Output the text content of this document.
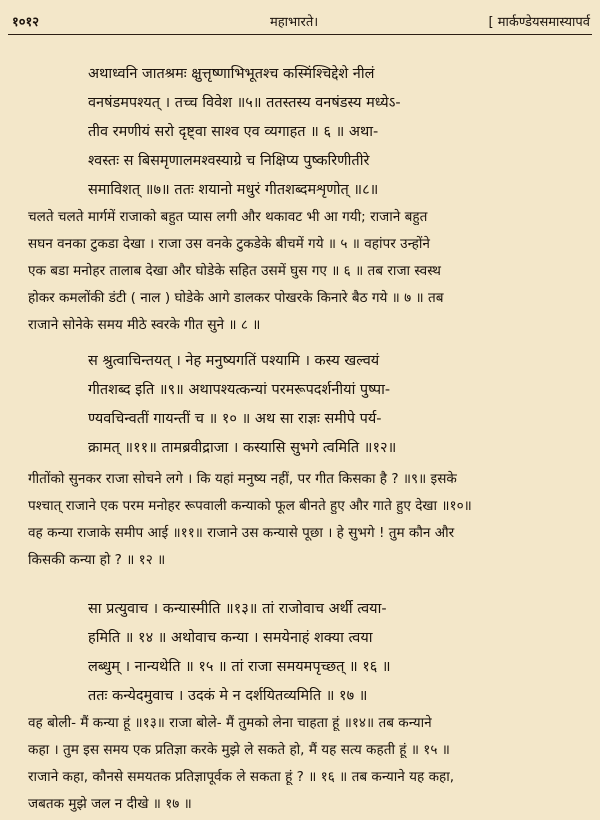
१०१२	महाभारते।	[ मार्कण्डेयसमास्यापर्व
अथाध्वनि जातश्रमः क्षुत्तृष्णाभिभूतश्च कस्मिंश्चिद्देशे नीलं
वनषंडमपश्यत् । तच्च विवेश ॥५॥ ततस्तस्य वनषंडस्य मध्येऽ-
तीव रमणीयं सरो दृष्ट्वा साश्व एव व्यगाहत ॥ ६ ॥ अथा-
श्वस्तः स बिसमृणालमश्वस्याग्रे च निक्षिप्य पुष्करिणीतीरे
समाविशत् ॥७॥ ततः शयानो मधुरं गीतशब्दमशृणोत् ॥८॥
चलते चलते मार्गमें राजाको बहुत प्यास लगी और थकावट भी आ गयी; राजाने बहुत
सघन वनका टुकडा देखा । राजा उस वनके टुकडेके बीचमें गये ॥ ५ ॥ वहांपर उन्होंने
एक बडा मनोहर तालाब देखा और घोडेके सहित उसमें घुस गए ॥ ६ ॥ तब राजा स्वस्थ
होकर कमलोंकी डंटी ( नाल ) घोडेके आगे डालकर पोखरके किनारे बैठ गये ॥ ७ ॥ तब
राजाने सोनेके समय मीठे स्वरके गीत सुने ॥ ८ ॥
स श्रुत्वाचिन्तयत् । नेह मनुष्यगतिं पश्यामि । कस्य खल्वयं
गीतशब्द इति ॥९॥ अथापश्यत्कन्यां परमरूपदर्शनीयां पुष्पा-
ण्यवचिन्वतीं गायन्तीं च ॥ १० ॥ अथ सा राज्ञः समीपे पर्य-
क्रामत् ॥११॥ तामब्रवीद्राजा । कस्यासि सुभगे त्वमिति ॥१२॥
गीतोंको सुनकर राजा सोचने लगे । कि यहां मनुष्य नहीं, पर गीत किसका है ? ॥९॥ इसके
पश्चात् राजाने एक परम मनोहर रूपवाली कन्याको फूल बीनते हुए और गाते हुए देखा ॥१०॥
वह कन्या राजाके समीप आई ॥११॥ राजाने उस कन्यासे पूछा । हे सुभगे ! तुम कौन और
किसकी कन्या हो ? ॥ १२ ॥
सा प्रत्युवाच । कन्यास्मीति ॥१३॥ तां राजोवाच अर्थी त्वया-
हमिति ॥ १४ ॥ अथोवाच कन्या । समयेनाहं शक्या त्वया
लब्धुम् । नान्यथेति ॥ १५ ॥ तां राजा समयमपृच्छत् ॥ १६ ॥
ततः कन्येदमुवाच । उदकं मे न दर्शयितव्यमिति ॥ १७ ॥
वह बोली- मैं कन्या हूं ॥१३॥ राजा बोले- मैं तुमको लेना चाहता हूं ॥१४॥ तब कन्याने
कहा । तुम इस समय एक प्रतिज्ञा करके मुझे ले सकते हो, मैं यह सत्य कहती हूं ॥ १५ ॥
राजाने कहा, कौनसे समयतक प्रतिज्ञापूर्वक ले सकता हूं ? ॥ १६ ॥ तब कन्याने यह कहा,
जबतक मुझे जल न दीखे ॥ १७ ॥
